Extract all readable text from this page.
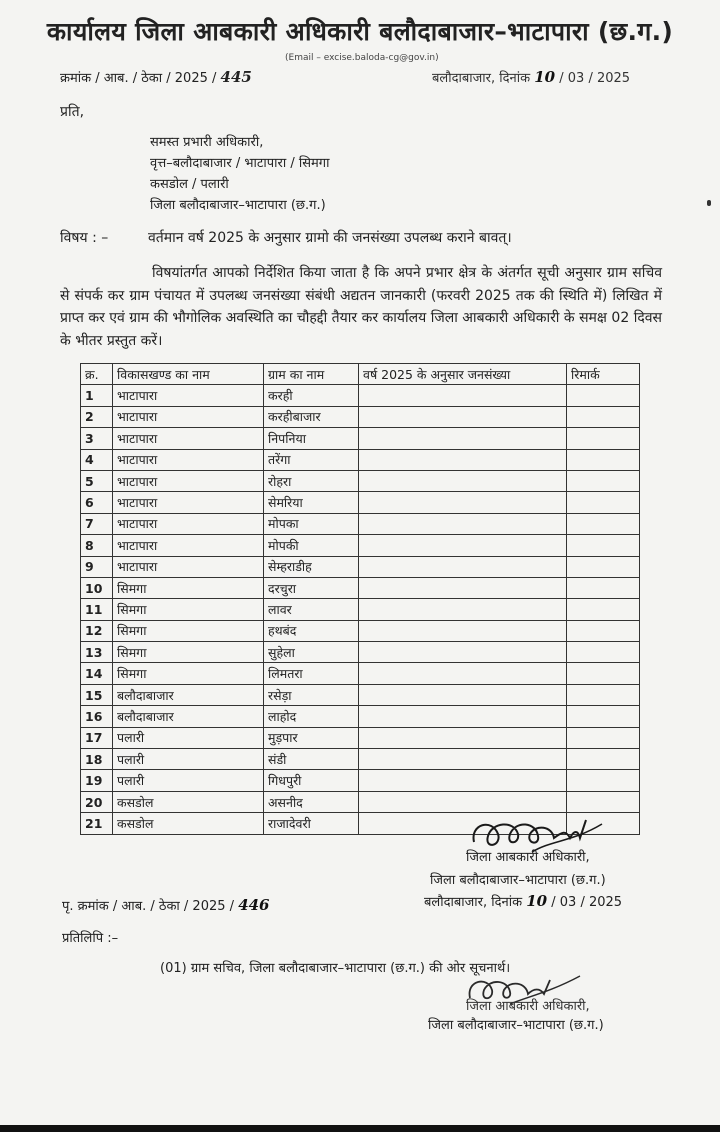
कार्यालय जिला आबकारी अधिकारी बलौदाबाजार–भाटापारा (छ.ग.)
(Email – excise.baloda-cg@gov.in)
क्रमांक / आब. / ठेका / 2025 / 445	बलौदाबाजार, दिनांक 10 / 03 / 2025
प्रति,
समस्त प्रभारी अधिकारी,
वृत्त–बलौदाबाजार / भाटापारा / सिमगा
कसडोल / पलारी
जिला बलौदाबाजार–भाटापारा (छ.ग.)
विषय : –	वर्तमान वर्ष 2025 के अनुसार ग्रामो की जनसंख्या उपलब्ध कराने बावत्।
विषयांतर्गत आपको निर्देशित किया जाता है कि अपने प्रभार क्षेत्र के अंतर्गत सूची अनुसार ग्राम सचिव से संपर्क कर ग्राम पंचायत में उपलब्ध जनसंख्या संबंधी अद्यतन जानकारी (फरवरी 2025 तक की स्थिति में) लिखित में प्राप्त कर एवं ग्राम की भौगोलिक अवस्थिति का चौहद्दी तैयार कर कार्यालय जिला आबकारी अधिकारी के समक्ष 02 दिवस के भीतर प्रस्तुत करें।
क्र.	विकासखण्ड का नाम	ग्राम का नाम	वर्ष 2025 के अनुसार जनसंख्या	रिमार्क
1	भाटापारा	करही		
2	भाटापारा	करहीबाजार		
3	भाटापारा	निपनिया		
4	भाटापारा	तरेंगा		
5	भाटापारा	रोहरा		
6	भाटापारा	सेमरिया		
7	भाटापारा	मोपका		
8	भाटापारा	मोपकी		
9	भाटापारा	सेम्हराडीह		
10	सिमगा	दरचुरा		
11	सिमगा	लावर		
12	सिमगा	हथबंद		
13	सिमगा	सुहेला		
14	सिमगा	लिमतरा		
15	बलौदाबाजार	रसेड़ा		
16	बलौदाबाजार	लाहोद		
17	पलारी	मुड़पार		
18	पलारी	संडी		
19	पलारी	गिधपुरी		
20	कसडोल	असनीद		
21	कसडोल	राजादेवरी		
जिला आबकारी अधिकारी,
जिला बलौदाबाजार–भाटापारा (छ.ग.)
बलौदाबाजार, दिनांक 10 / 03 / 2025
पृ. क्रमांक / आब. / ठेका / 2025 / 446
प्रतिलिपि :–
(01) ग्राम सचिव, जिला बलौदाबाजार–भाटापारा (छ.ग.) की ओर सूचनार्थ।
जिला आबकारी अधिकारी,
जिला बलौदाबाजार–भाटापारा (छ.ग.)
